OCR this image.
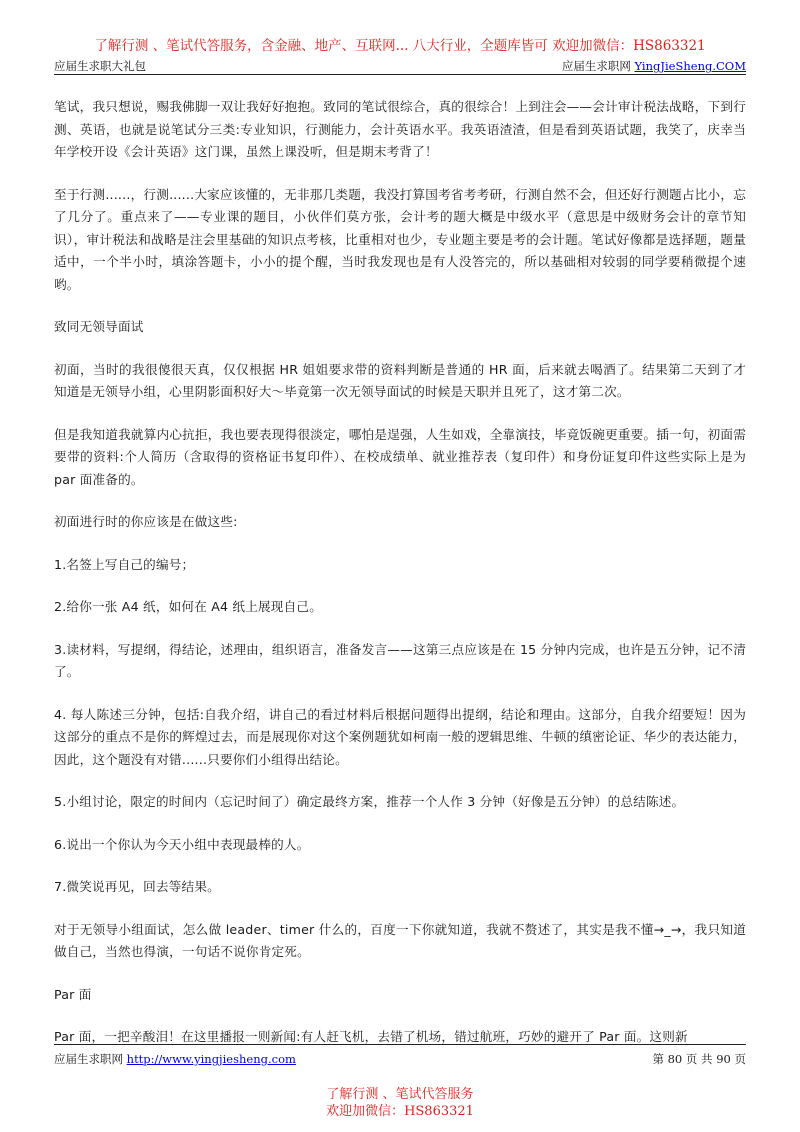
了解行测 、笔试代答服务，含金融、地产、互联网... 八大行业，全题库皆可 欢迎加微信：HS863321
应届生求职大礼包	应届生求职网 YingJieSheng.COM

笔试，我只想说，赐我佛脚一双让我好好抱抱。致同的笔试很综合，真的很综合！上到注会——会计审计税法战略，下到行测、英语，也就是说笔试分三类:专业知识，行测能力，会计英语水平。我英语渣渣，但是看到英语试题，我笑了，庆幸当年学校开设《会计英语》这门课，虽然上课没听，但是期末考背了！

至于行测......，行测......大家应该懂的，无非那几类题，我没打算国考省考考研，行测自然不会，但还好行测题占比小，忘了几分了。重点来了——专业课的题目，小伙伴们莫方张，会计考的题大概是中级水平（意思是中级财务会计的章节知识），审计税法和战略是注会里基础的知识点考核，比重相对也少，专业题主要是考的会计题。笔试好像都是选择题，题量适中，一个半小时，填涂答题卡，小小的提个醒，当时我发现也是有人没答完的，所以基础相对较弱的同学要稍微提个速哟。

致同无领导面试

初面，当时的我很傻很天真，仅仅根据 HR 姐姐要求带的资料判断是普通的 HR 面，后来就去喝酒了。结果第二天到了才知道是无领导小组，心里阴影面积好大～毕竟第一次无领导面试的时候是天职并且死了，这才第二次。

但是我知道我就算内心抗拒，我也要表现得很淡定，哪怕是逞强，人生如戏，全靠演技，毕竟饭碗更重要。插一句，初面需要带的资料:个人简历（含取得的资格证书复印件）、在校成绩单、就业推荐表（复印件）和身份证复印件这些实际上是为 par 面准备的。

初面进行时的你应该是在做这些:

1.名签上写自己的编号；

2.给你一张 A4 纸，如何在 A4 纸上展现自己。

3.读材料，写提纲，得结论，述理由，组织语言，准备发言——这第三点应该是在 15 分钟内完成，也许是五分钟，记不清了。

4. 每人陈述三分钟，包括:自我介绍，讲自己的看过材料后根据问题得出提纲，结论和理由。这部分，自我介绍要短！因为这部分的重点不是你的辉煌过去，而是展现你对这个案例题犹如柯南一般的逻辑思维、牛顿的缜密论证、华少的表达能力，因此，这个题没有对错......只要你们小组得出结论。

5.小组讨论，限定的时间内（忘记时间了）确定最终方案，推荐一个人作 3 分钟（好像是五分钟）的总结陈述。

6.说出一个你认为今天小组中表现最棒的人。

7.微笑说再见，回去等结果。

对于无领导小组面试，怎么做 leader、timer 什么的，百度一下你就知道，我就不赘述了，其实是我不懂→_→，我只知道做自己，当然也得演，一句话不说你肯定死。

Par 面

Par 面，一把辛酸泪！在这里播报一则新闻:有人赶飞机，去错了机场，错过航班，巧妙的避开了 Par 面。这则新

应届生求职网 http://www.yingjiesheng.com	第 80 页 共 90 页
了解行测 、笔试代答服务
欢迎加微信：HS863321
